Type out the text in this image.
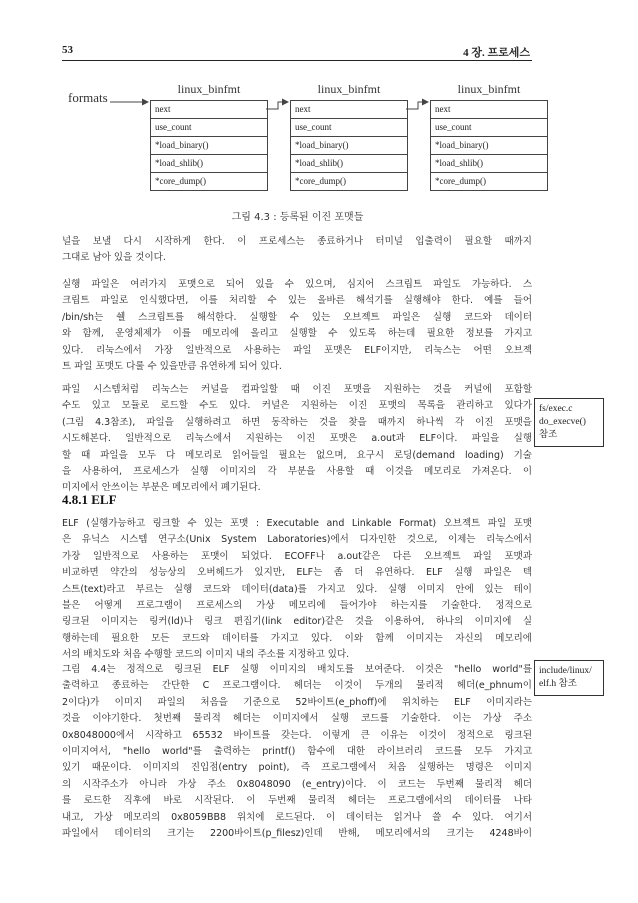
53	4 장. 프로세스
formats
linux_binfmt
next
use_count
*load_binary()
*load_shlib()
*core_dump()
linux_binfmt
next
use_count
*load_binary()
*load_shlib()
*core_dump()
linux_binfmt
next
use_count
*load_binary()
*load_shlib()
*core_dump()
그림 4.3 : 등록된 이진 포맷들
널을 보낼 다시 시작하게 한다. 이 프로세스는 종료하거나 터미널 입출력이 필요할 때까지
그대로 남아 있을 것이다.
실행 파일은 여러가지 포맷으로 되어 있을 수 있으며, 심지어 스크립트 파일도 가능하다. 스
크립트 파일로 인식했다면, 이를 처리할 수 있는 올바른 해석기를 실행해야 한다. 예를 들어
/bin/sh는 쉘 스크립트를 해석한다. 실행할 수 있는 오브젝트 파일은 실행 코드와 데이터
와 함께, 운영체제가 이를 메모리에 올리고 실행할 수 있도록 하는데 필요한 정보를 가지고
있다. 리눅스에서 가장 일반적으로 사용하는 파일 포맷은 ELF이지만, 리눅스는 어떤 오브젝
트 파일 포맷도 다룰 수 있을만큼 유연하게 되어 있다.
파일 시스템처럼 리눅스는 커널을 컴파일할 때 이진 포맷을 지원하는 것을 커널에 포함할
수도 있고 모듈로 로드할 수도 있다. 커널은 지원하는 이진 포맷의 목록을 관리하고 있다가
(그림 4.3참조), 파일을 실행하려고 하면 동작하는 것을 찾을 때까지 하나씩 각 이진 포맷을
시도해본다. 일반적으로 리눅스에서 지원하는 이진 포맷은 a.out과 ELF이다. 파일을 실행
할 때 파일을 모두 다 메모리로 읽어들일 필요는 없으며, 요구시 로딩(demand loading) 기술
을 사용하여, 프로세스가 실행 이미지의 각 부분을 사용할 때 이것을 메모리로 가져온다. 이
미지에서 안쓰이는 부분은 메모리에서 폐기된다.
4.8.1 ELF
ELF (실행가능하고 링크할 수 있는 포맷 : Executable and Linkable Format) 오브젝트 파일 포맷
은 유닉스 시스템 연구소(Unix System Laboratories)에서 디자인한 것으로, 이제는 리눅스에서
가장 일반적으로 사용하는 포맷이 되었다. ECOFF나 a.out같은 다른 오브젝트 파일 포맷과
비교하면 약간의 성능상의 오버헤드가 있지만, ELF는 좀 더 유연하다. ELF 실행 파일은 텍
스트(text)라고 부르는 실행 코드와 데이터(data)를 가지고 있다. 실행 이미지 안에 있는 테이
블은 어떻게 프로그램이 프로세스의 가상 메모리에 들어가야 하는지를 기술한다. 정적으로
링크된 이미지는 링커(ld)나 링크 편집기(link editor)같은 것을 이용하여, 하나의 이미지에 실
행하는데 필요한 모든 코드와 데이터를 가지고 있다. 이와 함께 이미지는 자신의 메모리에
서의 배치도와 처음 수행할 코드의 이미지 내의 주소를 지정하고 있다.
그림 4.4는 정적으로 링크된 ELF 실행 이미지의 배치도를 보여준다. 이것은 "hello world"를
출력하고 종료하는 간단한 C 프로그램이다. 헤더는 이것이 두개의 물리적 헤더(e_phnum이
2이다)가 이미지 파일의 처음을 기준으로 52바이트(e_phoff)에 위치하는 ELF 이미지라는
것을 이야기한다. 첫번째 물리적 헤더는 이미지에서 실행 코드를 기술한다. 이는 가상 주소
0x8048000에서 시작하고 65532 바이트를 갖는다. 이렇게 큰 이유는 이것이 정적으로 링크된
이미지여서, "hello world"를 출력하는 printf() 함수에 대한 라이브러리 코드를 모두 가지고
있기 때문이다. 이미지의 진입점(entry point), 즉 프로그램에서 처음 실행하는 명령은 이미지
의 시작주소가 아니라 가상 주소 0x8048090 (e_entry)이다. 이 코드는 두번째 물리적 헤더
를 로드한 직후에 바로 시작된다. 이 두번째 물리적 헤더는 프로그램에서의 데이터를 나타
내고, 가상 메모리의 0x8059BB8 위치에 로드된다. 이 데이터는 읽거나 쓸 수 있다. 여기서
파일에서 데이터의 크기는 2200바이트(p_filesz)인데 반해, 메모리에서의 크기는 4248바이
fs/exec.c
do_execve()
참조
include/linux/
elf.h 참조
